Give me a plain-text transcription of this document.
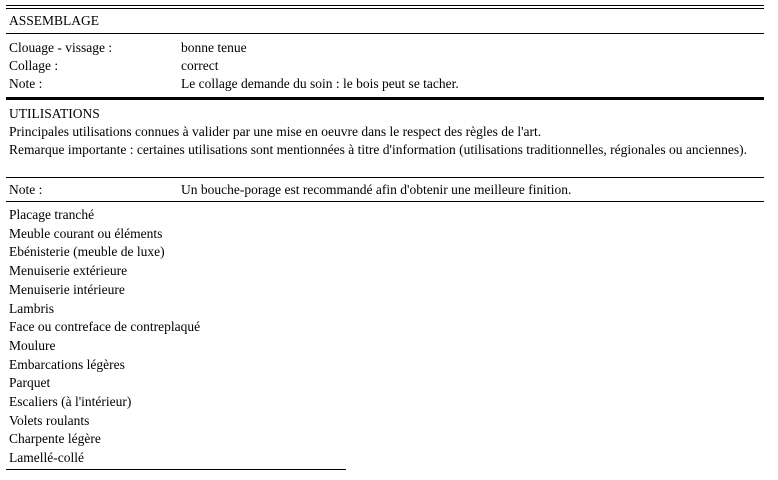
ASSEMBLAGE
Clouage - vissage :	bonne tenue
Collage :	correct
Note :	Le collage demande du soin : le bois peut se tacher.
UTILISATIONS
Principales utilisations connues à valider par une mise en oeuvre dans le respect des règles de l'art.
Remarque importante : certaines utilisations sont mentionnées à titre d'information (utilisations traditionnelles, régionales ou anciennes).
Note :	Un bouche-porage est recommandé afin d'obtenir une meilleure finition.
Placage tranché
Meuble courant ou éléments
Ebénisterie (meuble de luxe)
Menuiserie extérieure
Menuiserie intérieure
Lambris
Face ou contreface de contreplaqué
Moulure
Embarcations légères
Parquet
Escaliers (à l'intérieur)
Volets roulants
Charpente légère
Lamellé-collé
